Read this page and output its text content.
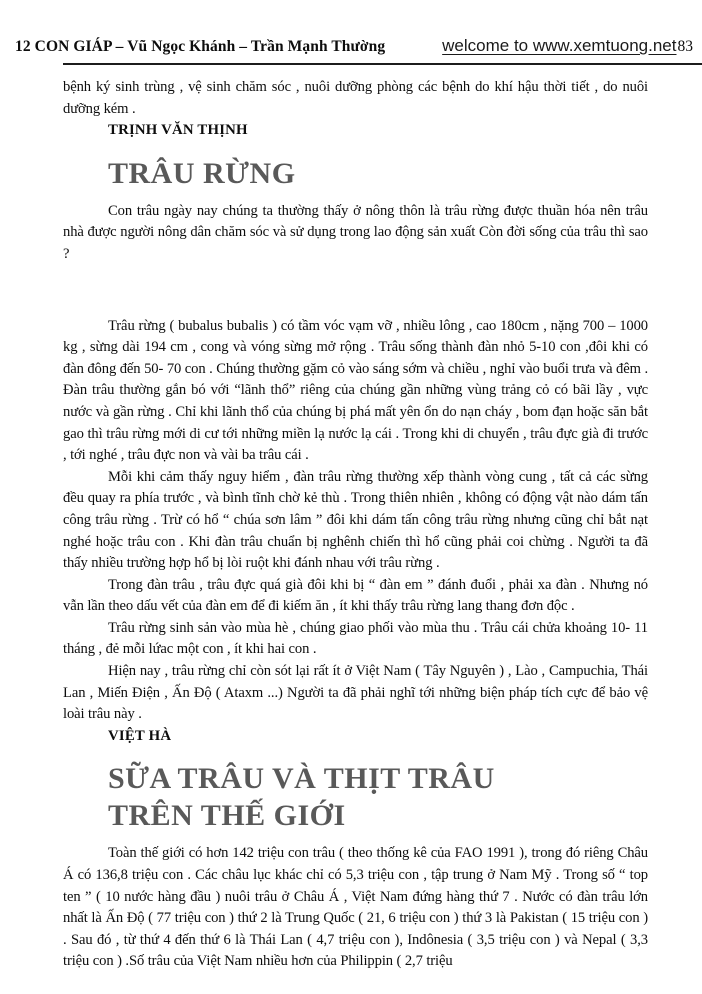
12 CON GIÁP – Vũ Ngọc Khánh – Trần Mạnh Thường	welcome to www.xemtuong.net83

bệnh ký sinh trùng , vệ sinh chăm sóc , nuôi dưỡng phòng các bệnh do khí hậu thời tiết , do nuôi dưỡng kém .

TRỊNH VĂN THỊNH

TRÂU RỪNG

Con trâu ngày nay chúng ta thường thấy ở nông thôn là trâu rừng được thuần hóa nên trâu nhà được người nông dân chăm sóc và sử dụng trong lao động sản xuất Còn đời sống của trâu thì sao ?

Trâu rừng ( bubalus bubalis ) có tầm vóc vạm vỡ , nhiều lông , cao 180cm , nặng 700 – 1000 kg , sừng dài 194 cm , cong và vóng sừng mở rộng . Trâu sống thành đàn nhỏ 5-10 con ,đôi khi có đàn đông đến 50- 70 con . Chúng thường gặm cỏ vào sáng sớm và chiều , nghỉ vào buổi trưa và đêm . Đàn trâu thường gắn bó với “lãnh thổ” riêng của chúng gần những vùng trảng cỏ có bãi lầy , vực nước và gần rừng . Chỉ khi lãnh thổ của chúng bị phá mất yên ổn do nạn cháy , bom đạn hoặc săn bắt gao thì trâu rừng mới di cư tới những miền lạ nước lạ cái . Trong khi di chuyển , trâu đực già đi trước , tới nghé , trâu đực non và vài ba trâu cái .

Mỗi khi cảm thấy nguy hiểm , đàn trâu rừng thường xếp thành vòng cung , tất cả các sừng đều quay ra phía trước , và bình tĩnh chờ kẻ thù . Trong thiên nhiên , không có động vật nào dám tấn công trâu rừng . Trừ có hổ “ chúa sơn lâm ” đôi khi dám tấn công trâu rừng nhưng cũng chỉ bắt nạt nghé hoặc trâu con . Khi đàn trâu chuẩn bị nghênh chiến thì hổ cũng phải coi chừng . Người ta đã thấy nhiều trường hợp hổ bị lòi ruột khi đánh nhau với trâu rừng .

Trong đàn trâu , trâu đực quá già đôi khi bị “ đàn em ” đánh đuổi , phải xa đàn . Nhưng nó vẫn lần theo dấu vết của đàn em để đi kiếm ăn , ít khi thấy trâu rừng lang thang đơn độc .

Trâu rừng sinh sản vào mùa hè , chúng giao phối vào mùa thu . Trâu cái chửa khoảng 10- 11 tháng , đẻ mỗi lứac một con , ít khi hai con .

Hiện nay , trâu rừng chỉ còn sót lại rất ít ở Việt Nam ( Tây Nguyên ) , Lào , Campuchia, Thái Lan , Miến Điện , Ấn Độ ( Ataxm ...) Người ta đã phải nghĩ tới những biện pháp tích cực để bảo vệ loài trâu này .

VIỆT HÀ

SỮA TRÂU VÀ THỊT TRÂU
TRÊN THẾ GIỚI

Toàn thế giới có hơn 142 triệu con trâu ( theo thống kê của FAO 1991 ), trong đó riêng Châu Á có 136,8 triệu con . Các châu lục khác chỉ có 5,3 triệu con , tập trung ở Nam Mỹ . Trong số “ top ten ” ( 10 nước hàng đầu ) nuôi trâu ở Châu Á , Việt Nam đứng hàng thứ 7 . Nước có đàn trâu lớn nhất là Ấn Độ ( 77 triệu con ) thứ 2 là Trung Quốc ( 21, 6 triệu con ) thứ 3 là Pakistan ( 15 triệu con ) . Sau đó , từ thứ 4 đến thứ 6 là Thái Lan ( 4,7 triệu con ), Indônesia ( 3,5 triệu con ) và Nepal ( 3,3 triệu con ) .Số trâu của Việt Nam nhiều hơn của Philippin ( 2,7 triệu
